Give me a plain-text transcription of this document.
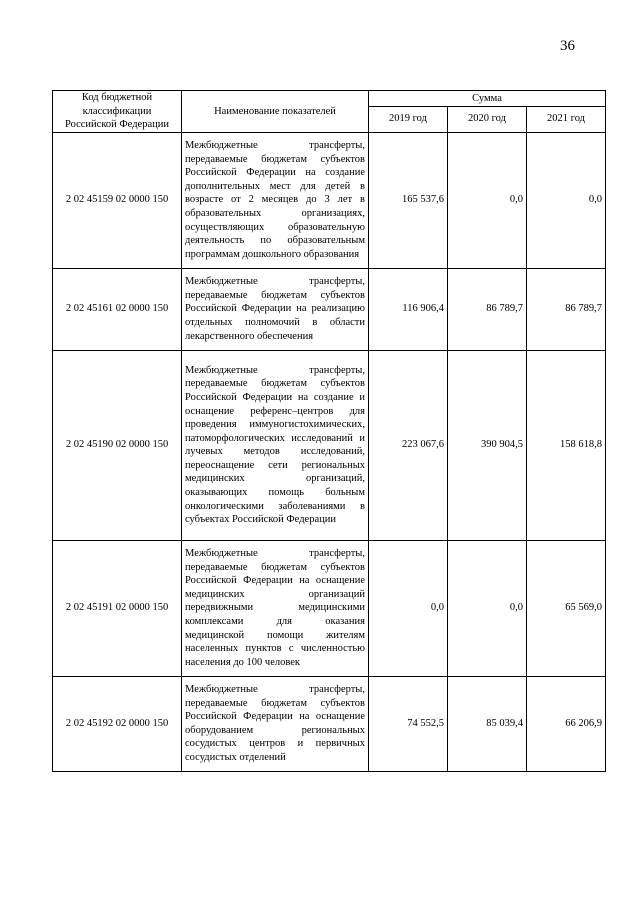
36
Код бюджетной классификации Российской Федерации	Наименование показателей	Сумма		
		2019 год	2020 год	2021 год
2 02 45159 02 0000 150	Межбюджетные трансферты, передаваемые бюджетам субъектов Российской Федерации на создание дополнительных мест для детей в возрасте от 2 месяцев до 3 лет в образовательных организациях, осуществляющих образовательную деятельность по образовательным программам дошкольного образования	165 537,6	0,0	0,0
2 02 45161 02 0000 150	Межбюджетные трансферты, передаваемые бюджетам субъектов Российской Федерации на реализацию отдельных полномочий в области лекарственного обеспечения	116 906,4	86 789,7	86 789,7
2 02 45190 02 0000 150	Межбюджетные трансферты, передаваемые бюджетам субъектов Российской Федерации на создание и оснащение референс–центров для проведения иммуногистохимических, патоморфологических исследований и лучевых методов исследований, переоснащение сети региональных медицинских организаций, оказывающих помощь больным онкологическими заболеваниями в субъектах Российской Федерации	223 067,6	390 904,5	158 618,8
2 02 45191 02 0000 150	Межбюджетные трансферты, передаваемые бюджетам субъектов Российской Федерации на оснащение медицинских организаций передвижными медицинскими комплексами для оказания медицинской помощи жителям населенных пунктов с численностью населения до 100 человек	0,0	0,0	65 569,0
2 02 45192 02 0000 150	Межбюджетные трансферты, передаваемые бюджетам субъектов Российской Федерации на оснащение оборудованием региональных сосудистых центров и первичных сосудистых отделений	74 552,5	85 039,4	66 206,9
